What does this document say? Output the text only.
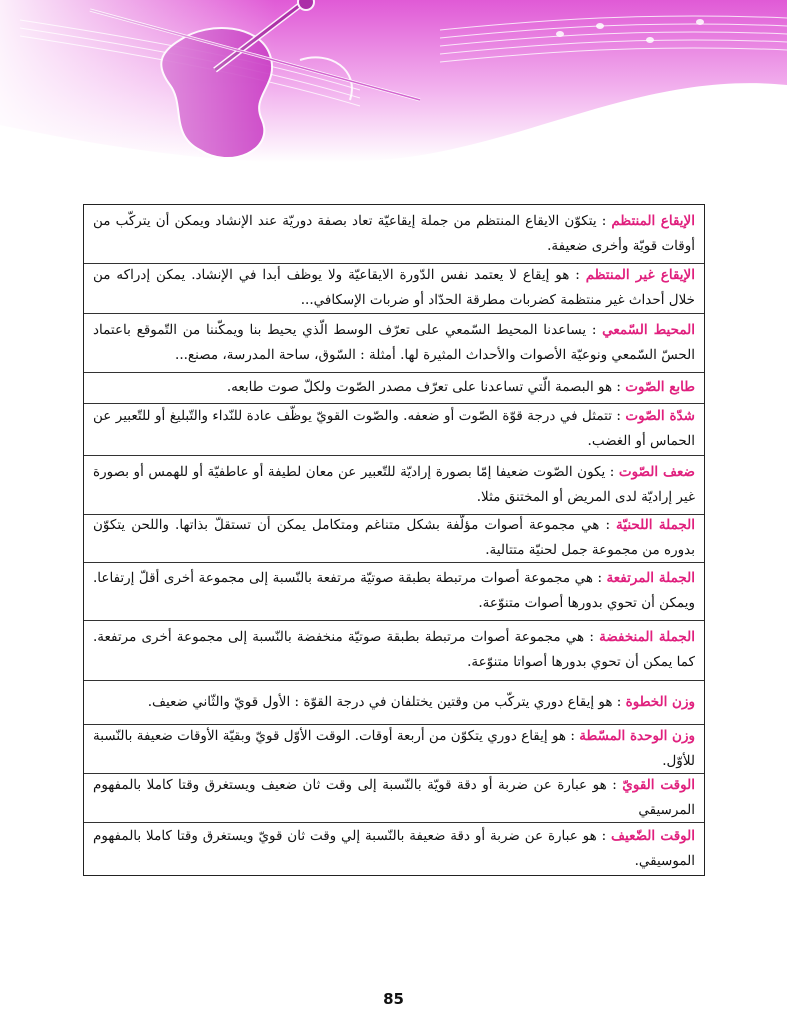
الإيقاع المنتظم : يتكوّن الايقاع المنتظم من جملة إيقاعيّة تعاد بصفة دوريّة عند الإنشاد ويمكن أن يتركّب من أوقات قويّة وأخرى ضعيفة.
الإيقاع غير المنتظم : هو إيقاع لا يعتمد نفس الدّورة الايقاعيّة ولا يوظف أبدا في الإنشاد. يمكن إدراكه من خلال أحداث غير منتظمة كضربات مطرقة الحدّاد أو ضربات الإسكافي...
المحيط السّمعي : يساعدنا المحيط السّمعي على تعرّف الوسط الّذي يحيط بنا ويمكّننا من التّموقع باعتماد الحسّ السّمعي ونوعيّة الأصوات والأحداث المثيرة لها. أمثلة : السّوق، ساحة المدرسة، مصنع...
طابع الصّوت : هو البصمة الّتي تساعدنا على تعرّف مصدر الصّوت ولكلّ صوت طابعه.
شدّة الصّوت : تتمثل في درجة قوّة الصّوت أو ضعفه. والصّوت القويّ يوظّف عادة للنّداء والتّبليغ أو للتّعبير عن الحماس أو الغضب.
ضعف الصّوت : يكون الصّوت ضعيفا إمّا بصورة إراديّة للتّعبير عن معان لطيفة أو عاطفيّة أو للهمس أو بصورة غير إراديّة لدى المريض أو المختنق مثلا.
الجملة اللحنيّة : هي مجموعة أصوات مؤلّفة بشكل متناغم ومتكامل يمكن أن تستقلّ بذاتها. واللحن يتكوّن بدوره من مجموعة جمل لحنيّة متتالية.
الجملة المرتفعة : هي مجموعة أصوات مرتبطة بطبقة صوتيّة مرتفعة بالنّسبة إلى مجموعة أخرى أقلّ إرتفاعا. ويمكن أن تحوي بدورها أصوات متنوّعة.
الجملة المنخفضة : هي مجموعة أصوات مرتبطة بطبقة صوتيّة منخفضة بالنّسبة إلى مجموعة أخرى مرتفعة. كما يمكن أن تحوي بدورها أصواتا متنوّعة.
وزن الخطوة : هو إيقاع دوري يتركّب من وقتين يختلفان في درجة القوّة : الأول قويّ والثّاني ضعيف.
وزن الوحدة المسّطة : هو إيقاع دوري يتكوّن من أربعة أوقات. الوقت الأوّل قويّ وبقيّة الأوقات ضعيفة بالنّسبة للأوّل.
الوقت القويّ : هو عبارة عن ضربة أو دقة قويّة بالنّسبة إلى وقت ثان ضعيف ويستغرق وقتا كاملا بالمفهوم المرسيقي
الوقت الضّعيف : هو عبارة عن ضربة أو دقة ضعيفة بالنّسبة إلي وقت ثان قويّ ويستغرق وقتا كاملا بالمفهوم الموسيقي.
85
